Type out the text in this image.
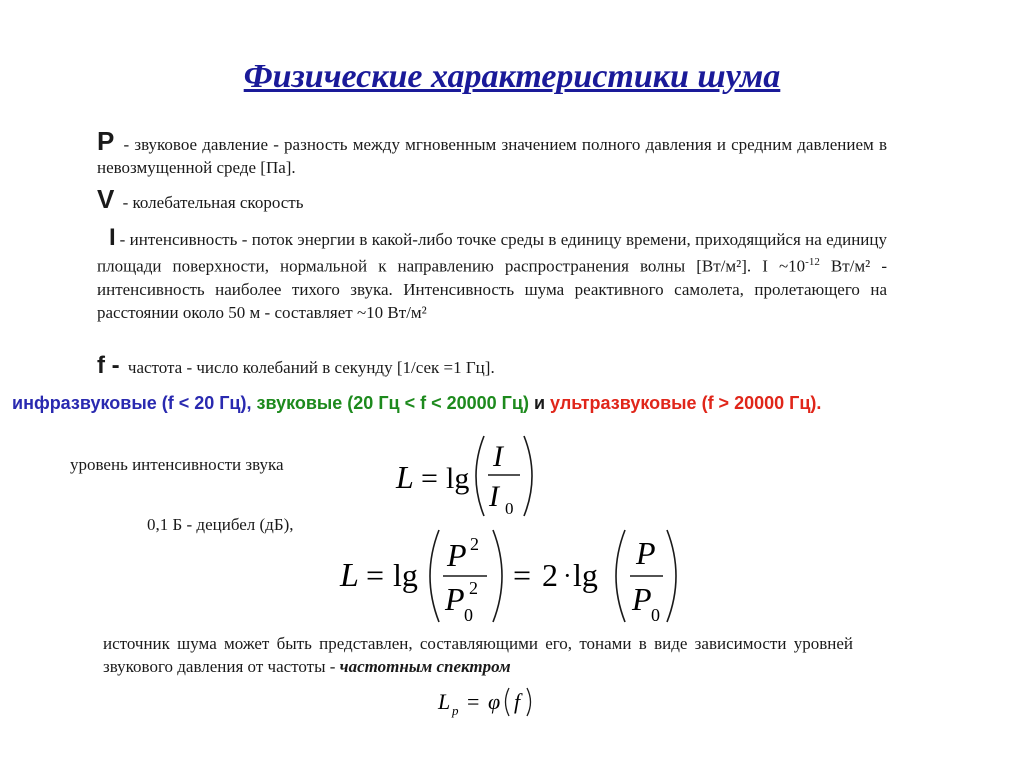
Физические характеристики шума
P - звуковое давление - разность между мгновенным значением полного давления и средним давлением в невозмущенной среде [Па].
V - колебательная скорость
I - интенсивность - поток энергии в какой-либо точке среды в единицу времени, приходящийся на единицу площади поверхности, нормальной к направлению распространения волны [Вт/м²]. I $\sim 10^{-12}$ Вт/м² - интенсивность наиболее тихого звука. Интенсивность шума реактивного самолета, пролетающего на расстоянии около 50 м - составляет ~10 Вт/м²
f - частота - число колебаний в секунду [1/сек =1 Гц].
инфразвуковые (f < 20 Гц), звуковые (20 Гц < f < 20000 Гц) и ультразвуковые (f > 20000 Гц).
уровень интенсивности звука
0,1 Б - децибел (дБ),
L = lg
I
I 0
L = lg
P 2
P 2
0
= 2 · lg
P
P 0
источник шума может быть представлен, составляющими его, тонами в виде зависимости уровней звукового давления от частоты - частотным спектром
L p = φ f
